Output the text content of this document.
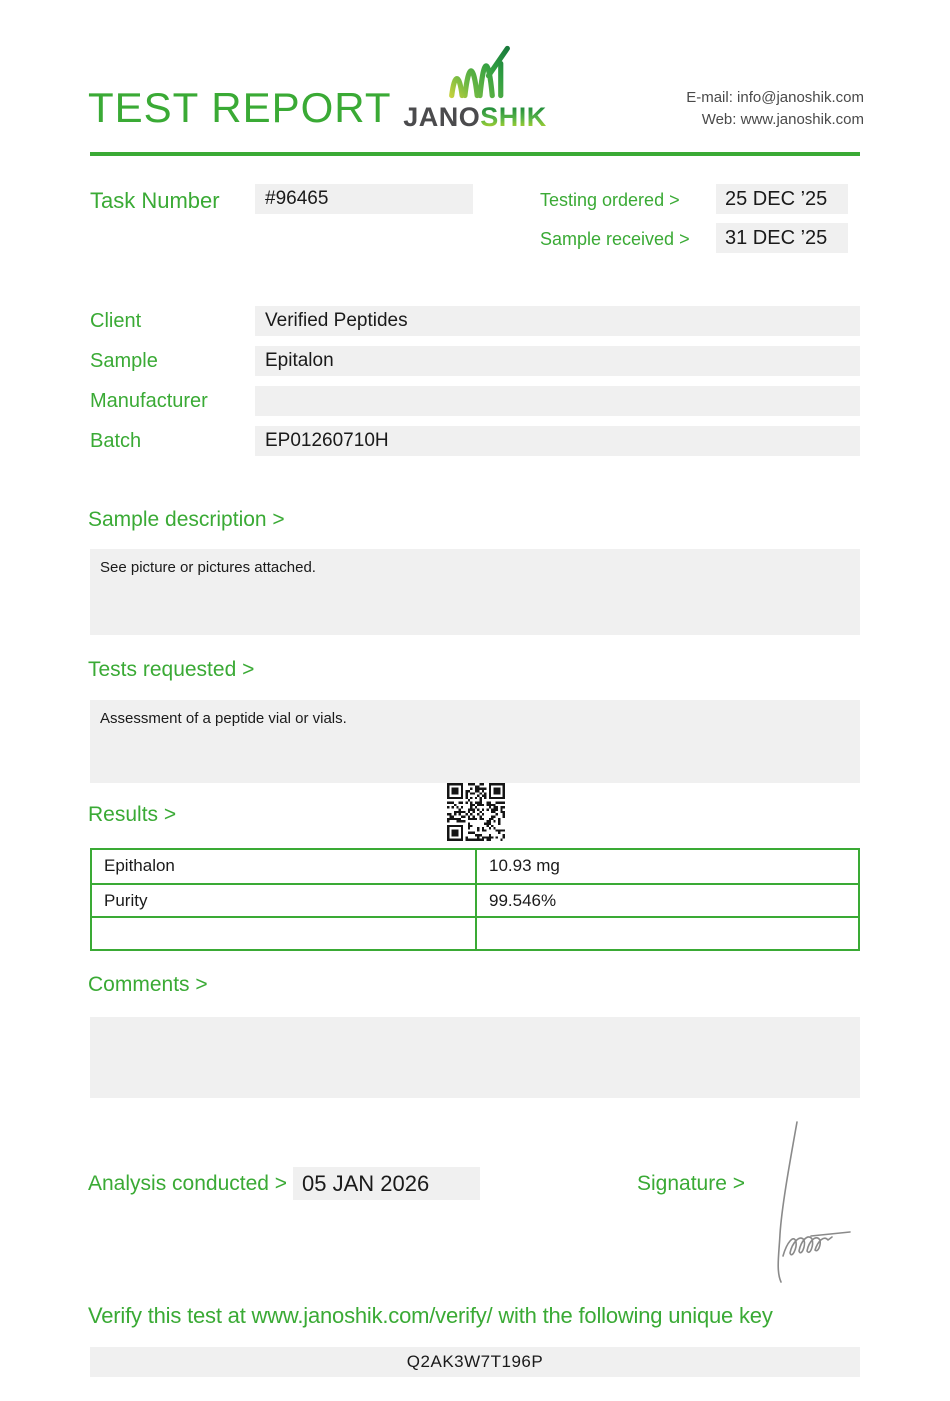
TEST REPORT JANOSHIK
E-mail: info@janoshik.com
Web: www.janoshik.com
Task Number	#96465	Testing ordered >	25 DEC ’25
Sample received >	31 DEC ’25
Client	Verified Peptides
Sample	Epitalon
Manufacturer
Batch	EP01260710H
Sample description >
See picture or pictures attached.
Tests requested >
Assessment of a peptide vial or vials.
Results >
Epithalon	10.93 mg
Purity	99.546%
Comments >
Analysis conducted > 05 JAN 2026	Signature >
Verify this test at www.janoshik.com/verify/ with the following unique key
Q2AK3W7T196P
